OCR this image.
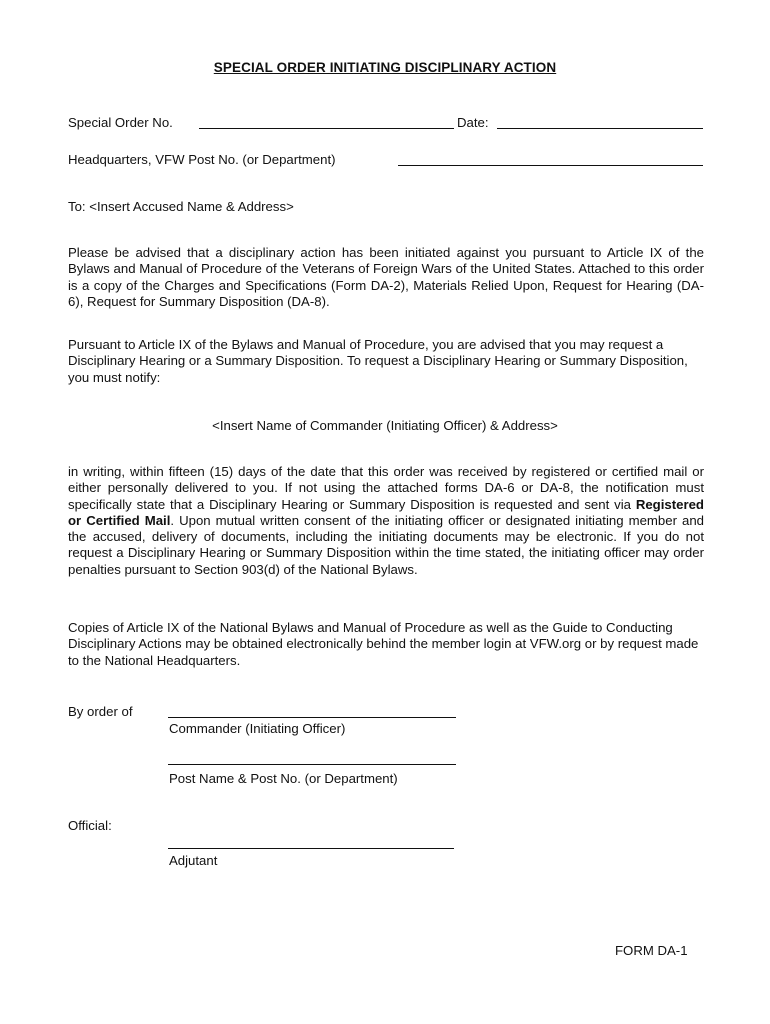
SPECIAL ORDER INITIATING DISCIPLINARY ACTION
Special Order No.	Date:
Headquarters, VFW Post No. (or Department)
To: <Insert Accused Name & Address>
Please be advised that a disciplinary action has been initiated against you pursuant to Article IX of the Bylaws and Manual of Procedure of the Veterans of Foreign Wars of the United States. Attached to this order is a copy of the Charges and Specifications (Form DA-2), Materials Relied Upon, Request for Hearing (DA-6), Request for Summary Disposition (DA-8).
Pursuant to Article IX of the Bylaws and Manual of Procedure, you are advised that you may request a Disciplinary Hearing or a Summary Disposition. To request a Disciplinary Hearing or Summary Disposition, you must notify:
<Insert Name of Commander (Initiating Officer) & Address>
in writing, within fifteen (15) days of the date that this order was received by registered or certified mail or either personally delivered to you. If not using the attached forms DA-6 or DA-8, the notification must specifically state that a Disciplinary Hearing or Summary Disposition is requested and sent via Registered or Certified Mail. Upon mutual written consent of the initiating officer or designated initiating member and the accused, delivery of documents, including the initiating documents may be electronic. If you do not request a Disciplinary Hearing or Summary Disposition within the time stated, the initiating officer may order penalties pursuant to Section 903(d) of the National Bylaws.
Copies of Article IX of the National Bylaws and Manual of Procedure as well as the Guide to Conducting Disciplinary Actions may be obtained electronically behind the member login at VFW.org or by request made to the National Headquarters.
By order of
Commander (Initiating Officer)
Post Name & Post No. (or Department)
Official:
Adjutant
FORM DA-1
